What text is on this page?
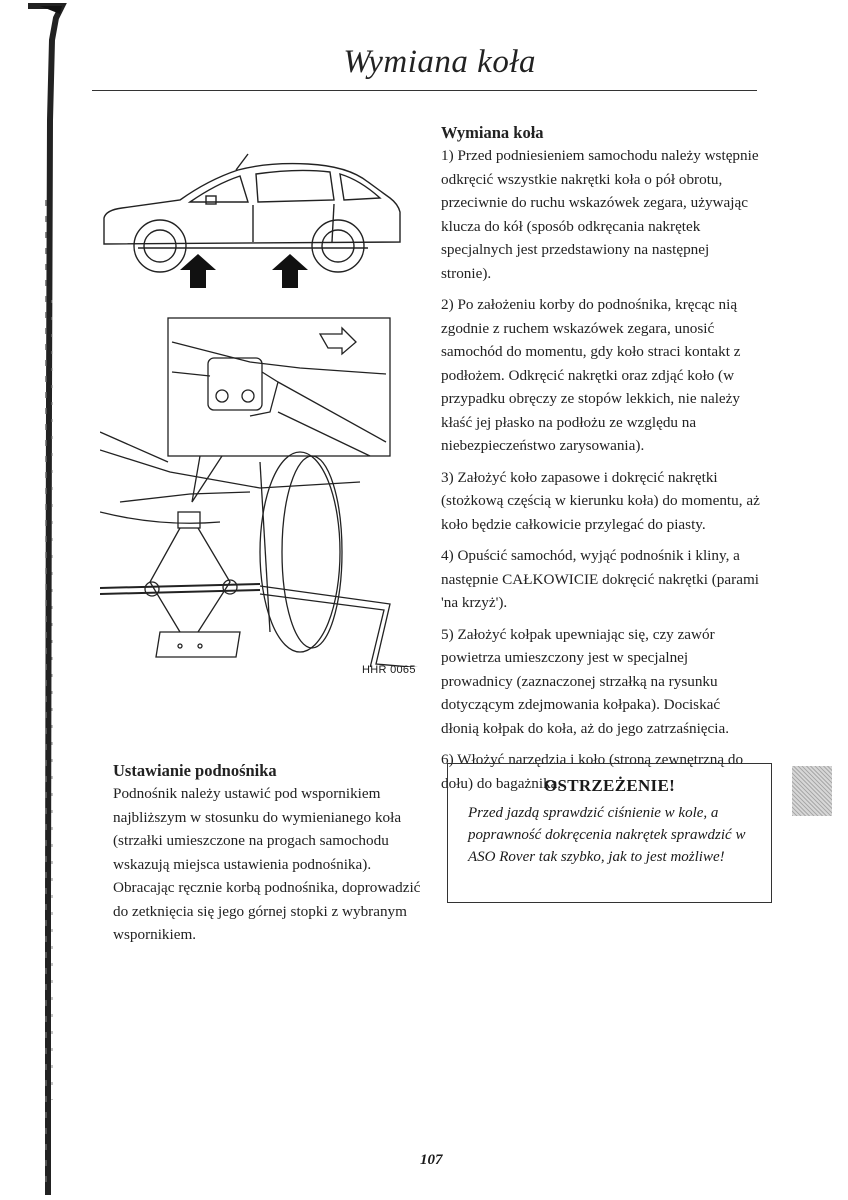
Wymiana koła
HHR 0065
Wymiana koła

1) Przed podniesieniem samochodu należy wstępnie odkręcić wszystkie nakrętki koła o pół obrotu, przeciwnie do ruchu wskazówek zegara, używając klucza do kół (sposób odkręcania nakrętek specjalnych jest przedstawiony na następnej stronie).

2) Po założeniu korby do podnośnika, kręcąc nią zgodnie z ruchem wskazówek zegara, unosić samochód do momentu, gdy koło straci kontakt z podłożem. Odkręcić nakrętki oraz zdjąć koło (w przypadku obręczy ze stopów lekkich, nie należy kłaść jej płasko na podłożu ze względu na niebezpieczeństwo zarysowania).

3) Założyć koło zapasowe i dokręcić nakrętki (stożkową częścią w kierunku koła) do momentu, aż koło będzie całkowicie przylegać do piasty.

4) Opuścić samochód, wyjąć podnośnik i kliny, a następnie CAŁKOWICIE dokręcić nakrętki (parami 'na krzyż').

5) Założyć kołpak upewniając się, czy zawór powietrza umieszczony jest w specjalnej prowadnicy (zaznaczonej strzałką na rysunku dotyczącym zdejmowania kołpaka). Dociskać dłonią kołpak do koła, aż do jego zatrzaśnięcia.

6) Włożyć narzędzia i koło (stroną zewnętrzną do dołu) do bagażnika.

Ustawianie podnośnika

Podnośnik należy ustawić pod wspornikiem najbliższym w stosunku do wymienianego koła (strzałki umieszczone na progach samochodu wskazują miejsca ustawienia podnośnika). Obracając ręcznie korbą podnośnika, doprowadzić do zetknięcia się jego górnej stopki z wybranym wspornikiem.

OSTRZEŻENIE!
Przed jazdą sprawdzić ciśnienie w kole, a poprawność dokręcenia nakrętek sprawdzić w ASO Rover tak szybko, jak to jest możliwe!
107
